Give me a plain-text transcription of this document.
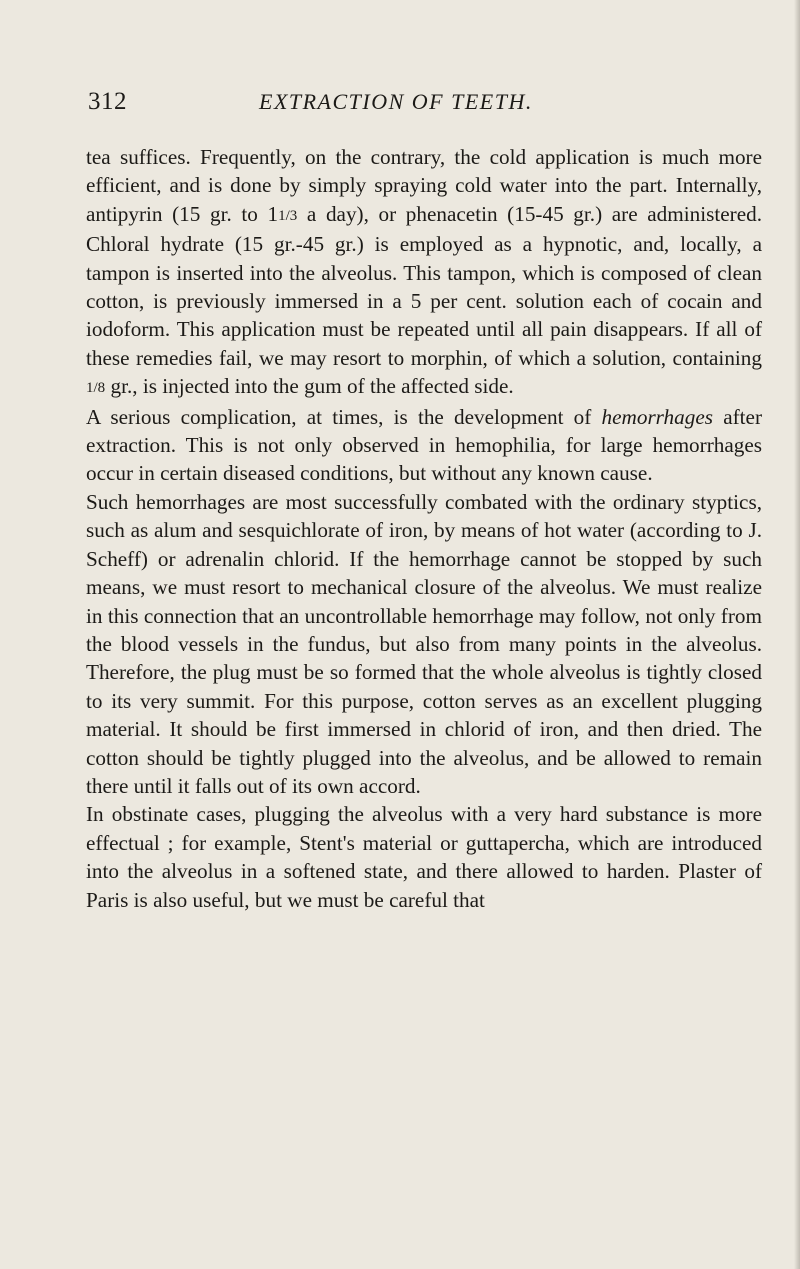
312	EXTRACTION OF TEETH.

tea suffices. Frequently, on the contrary, the cold application is much more efficient, and is done by simply spraying cold water into the part. Internally, antipyrin (15 gr. to 11/3 a day), or phenacetin (15-45 gr.) are administered. Chloral hydrate (15 gr.-45 gr.) is employed as a hypnotic, and, locally, a tampon is inserted into the alveolus. This tampon, which is composed of clean cotton, is previously immersed in a 5 per cent. solution each of cocain and iodoform. This application must be repeated until all pain disappears. If all of these remedies fail, we may resort to morphin, of which a solution, containing 1/8 gr., is injected into the gum of the affected side.

A serious complication, at times, is the development of hemorrhages after extraction. This is not only observed in hemophilia, for large hemorrhages occur in certain diseased conditions, but without any known cause.

Such hemorrhages are most successfully combated with the ordinary styptics, such as alum and sesquichlorate of iron, by means of hot water (according to J. Scheff) or adrenalin chlorid. If the hemorrhage cannot be stopped by such means, we must resort to mechanical closure of the alveolus. We must realize in this connection that an uncontrollable hemorrhage may follow, not only from the blood vessels in the fundus, but also from many points in the alveolus. Therefore, the plug must be so formed that the whole alveolus is tightly closed to its very summit. For this purpose, cotton serves as an excellent plugging material. It should be first immersed in chlorid of iron, and then dried. The cotton should be tightly plugged into the alveolus, and be allowed to remain there until it falls out of its own accord.

In obstinate cases, plugging the alveolus with a very hard substance is more effectual ; for example, Stent's material or guttapercha, which are introduced into the alveolus in a softened state, and there allowed to harden. Plaster of Paris is also useful, but we must be careful that
